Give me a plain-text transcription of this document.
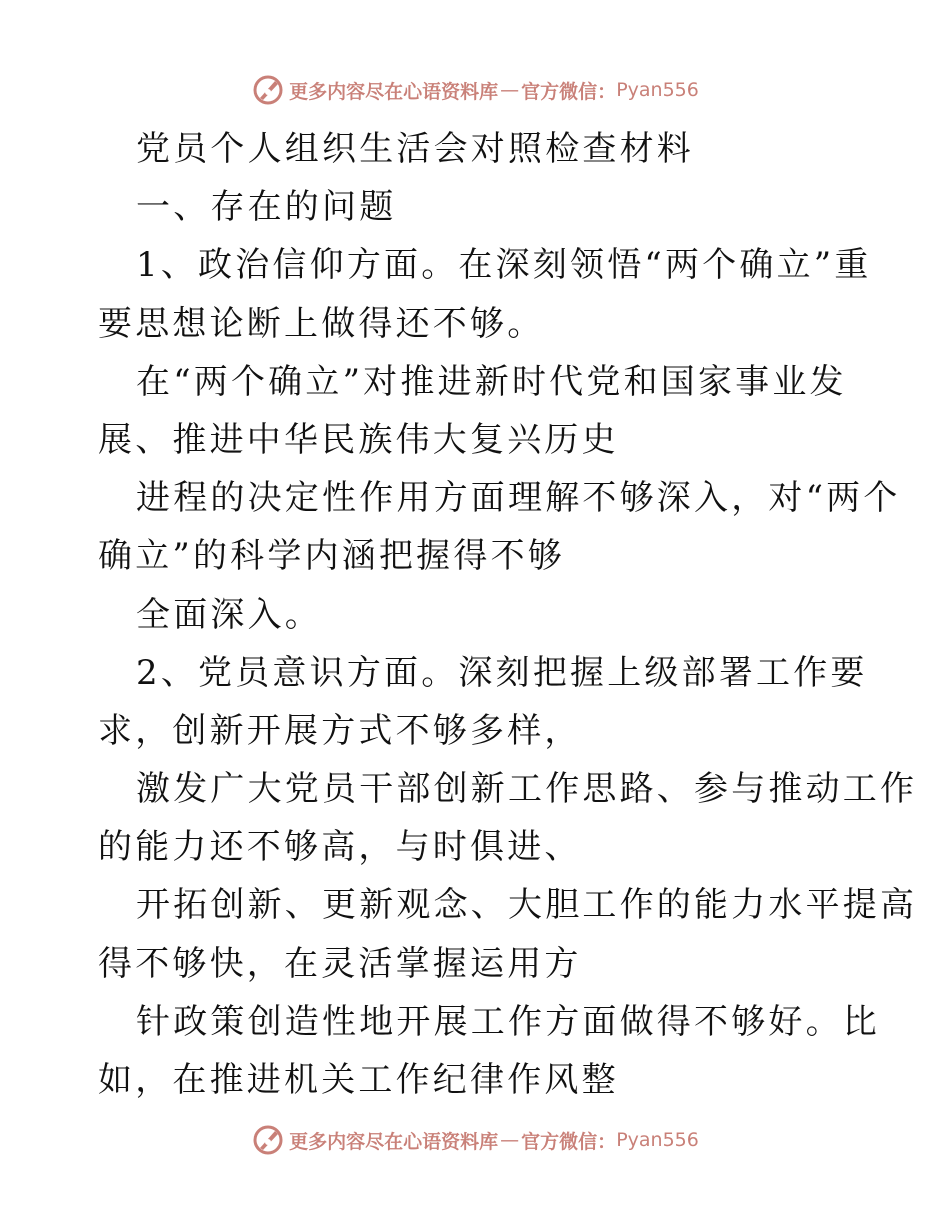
更多内容尽在心语资料库 — 官方微信： Pyan556
党员个人组织生活会对照检查材料
一、存在的问题
1、政治信仰方面。在深刻领悟“两个确立”重
要思想论断上做得还不够。
在“两个确立”对推进新时代党和国家事业发
展、推进中华民族伟大复兴历史
进程的决定性作用方面理解不够深入，对“两个
确立”的科学内涵把握得不够
全面深入。
2、党员意识方面。深刻把握上级部署工作要
求，创新开展方式不够多样，
激发广大党员干部创新工作思路、参与推动工作
的能力还不够高，与时俱进、
开拓创新、更新观念、大胆工作的能力水平提高
得不够快，在灵活掌握运用方
针政策创造性地开展工作方面做得不够好。比
如，在推进机关工作纪律作风整
更多内容尽在心语资料库 — 官方微信： Pyan556
